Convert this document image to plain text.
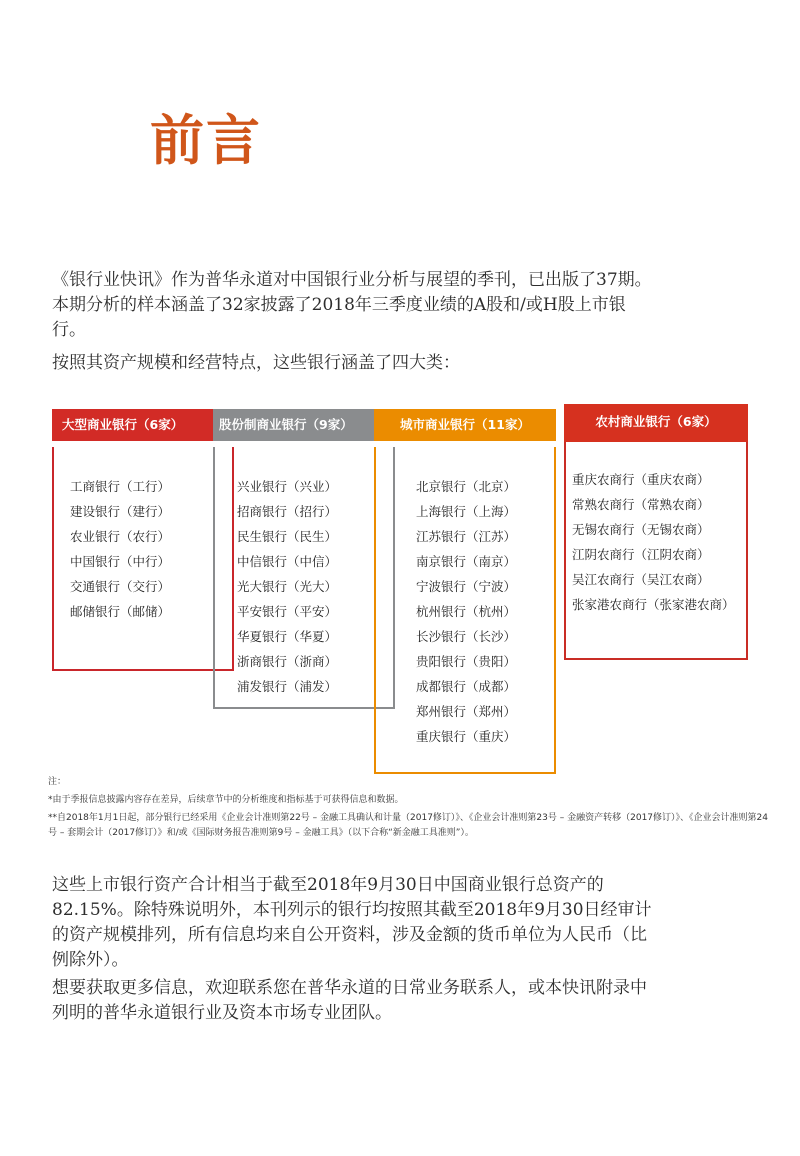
前言
《银行业快讯》作为普华永道对中国银行业分析与展望的季刊，已出版了37期。本期分析的样本涵盖了32家披露了2018年三季度业绩的A股和/或H股上市银行。
按照其资产规模和经营特点，这些银行涵盖了四大类：
大型商业银行（6家）
工商银行（工行）
建设银行（建行）
农业银行（农行）
中国银行（中行）
交通银行（交行）
邮储银行（邮储）
股份制商业银行（9家）
兴业银行（兴业）
招商银行（招行）
民生银行（民生）
中信银行（中信）
光大银行（光大）
平安银行（平安）
华夏银行（华夏）
浙商银行（浙商）
浦发银行（浦发）
城市商业银行（11家）
北京银行（北京）
上海银行（上海）
江苏银行（江苏）
南京银行（南京）
宁波银行（宁波）
杭州银行（杭州）
长沙银行（长沙）
贵阳银行（贵阳）
成都银行（成都）
郑州银行（郑州）
重庆银行（重庆）
农村商业银行（6家）
重庆农商行（重庆农商）
常熟农商行（常熟农商）
无锡农商行（无锡农商）
江阴农商行（江阴农商）
吴江农商行（吴江农商）
张家港农商行（张家港农商）

注：

*由于季报信息披露内容存在差异，后续章节中的分析维度和指标基于可获得信息和数据。

**自2018年1月1日起，部分银行已经采用《企业会计准则第22号 – 金融工具确认和计量（2017修订）》、《企业会计准则第23号 – 金融资产转移（2017修订）》、《企业会计准则第24号 – 套期会计（2017修订）》和/或《国际财务报告准则第9号 – 金融工具》（以下合称“新金融工具准则”）。

这些上市银行资产合计相当于截至2018年9月30日中国商业银行总资产的82.15%。除特殊说明外，本刊列示的银行均按照其截至2018年9月30日经审计的资产规模排列，所有信息均来自公开资料，涉及金额的货币单位为人民币（比例除外）。
想要获取更多信息，欢迎联系您在普华永道的日常业务联系人，或本快讯附录中列明的普华永道银行业及资本市场专业团队。
